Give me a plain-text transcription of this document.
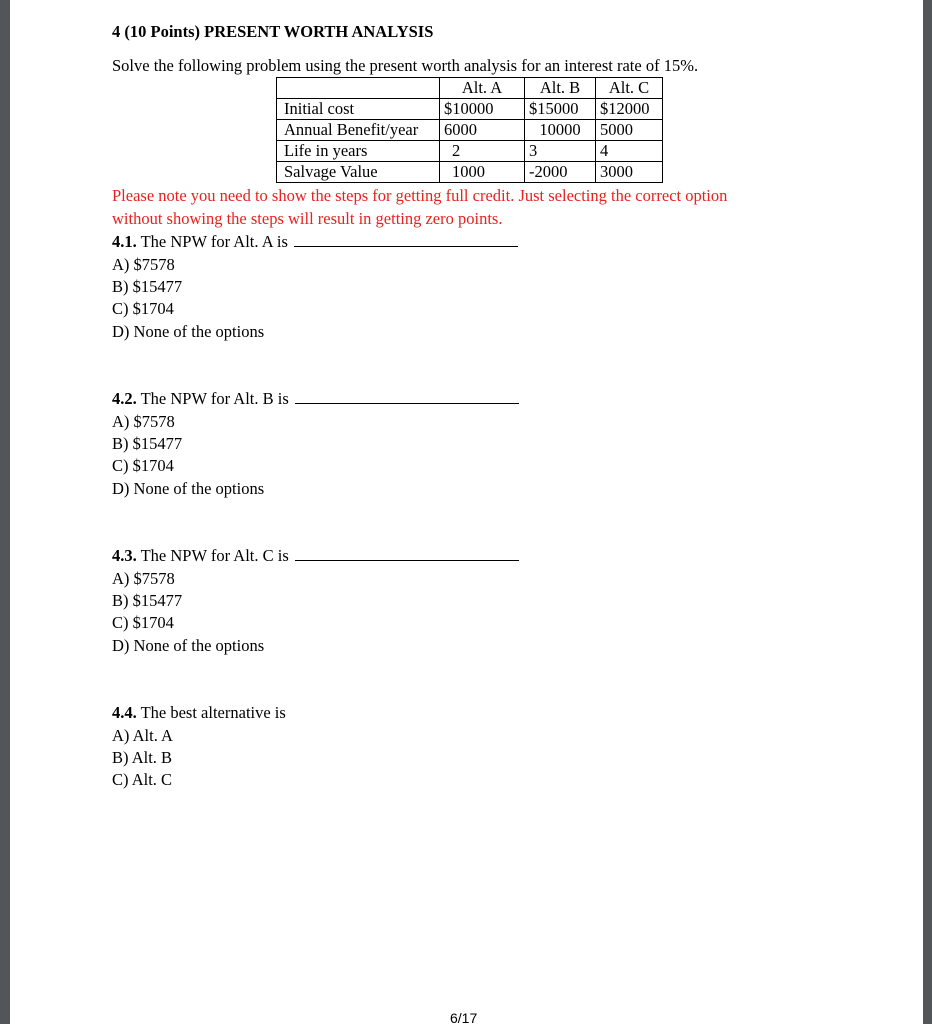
4 (10 Points) PRESENT WORTH ANALYSIS
Solve the following problem using the present worth analysis for an interest rate of 15%.
	Alt. A	Alt. B	Alt. C
Initial cost	$10000	$15000	$12000
Annual Benefit/year	6000	10000	5000
Life in years	2	3	4
Salvage Value	1000	-2000	3000
Please note you need to show the steps for getting full credit. Just selecting the correct option
without showing the steps will result in getting zero points.
4.1. The NPW for Alt. A is
A) $7578
B) $15477
C) $1704
D) None of the options
4.2. The NPW for Alt. B is
A) $7578
B) $15477
C) $1704
D) None of the options
4.3. The NPW for Alt. C is
A) $7578
B) $15477
C) $1704
D) None of the options
4.4. The best alternative is
A) Alt. A
B) Alt. B
C) Alt. C
6/17
